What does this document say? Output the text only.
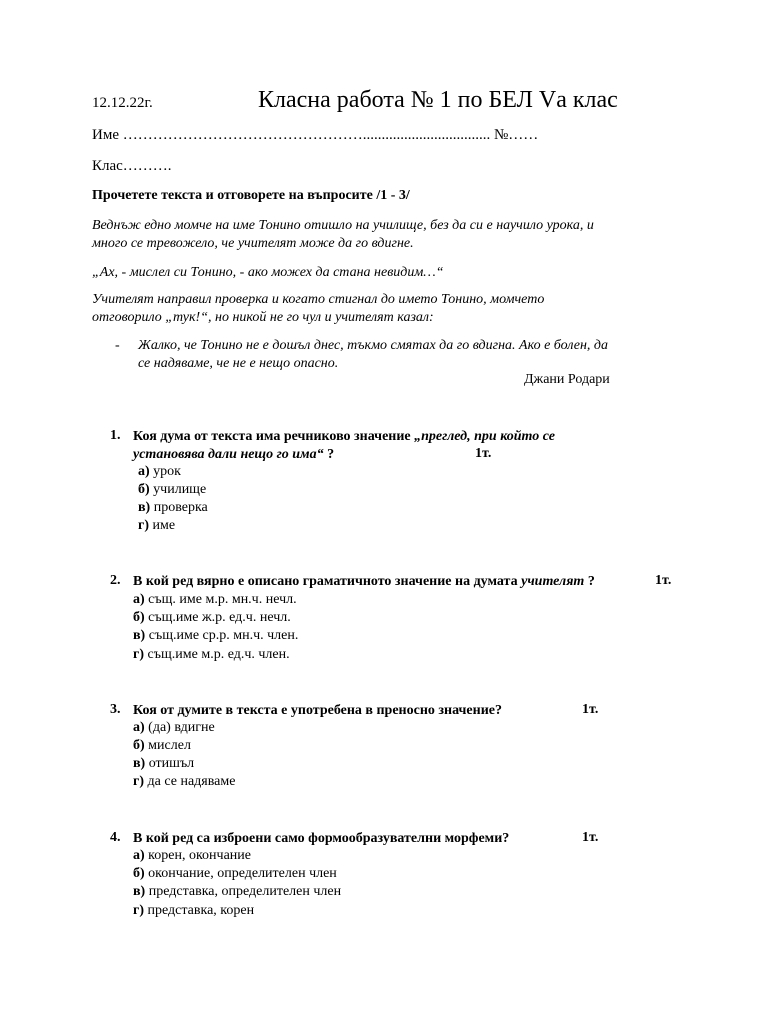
12.12.22г.	Класна работа № 1 по БЕЛ Vа клас
Име ………………………………………….................................. №……
Клас……….
Прочетете текста и отговорете на въпросите /1 - 3/
Веднъж едно момче на име Тонино отишло на училище, без да си е научило урока, и
много се тревожело, че учителят може да го вдигне.
„Ах, - мислел си Тонино, - ако можех да стана невидим…“
Учителят направил проверка и когато стигнал до името Тонино, момчето
отговорило „тук!“, но никой не го чул и учителят казал:
- Жалко, че Тонино не е дошъл днес, тъкмо смятах да го вдигна. Ако е болен, да
се надяваме, че не е нещо опасно.
Джани Родари
1. Коя дума от текста има речниково значение „преглед, при който се
установява дали нещо го има“ ?	1т.
а) урок
б) училище
в) проверка
г) име
2. В кой ред вярно е описано граматичното значение на думата учителят ?	1т.
а) същ. име м.р. мн.ч. нечл.
б) същ.име ж.р. ед.ч. нечл.
в) същ.име ср.р. мн.ч. член.
г) същ.име м.р. ед.ч. член.
3. Коя от думите в текста е употребена в преносно значение?	1т.
а) (да) вдигне
б) мислел
в) отишъл
г) да се надяваме
4. В кой ред са изброени само формообразувателни морфеми?	1т.
а) корен, окончание
б) окончание, определителен член
в) представка, определителен член
г) представка, корен
